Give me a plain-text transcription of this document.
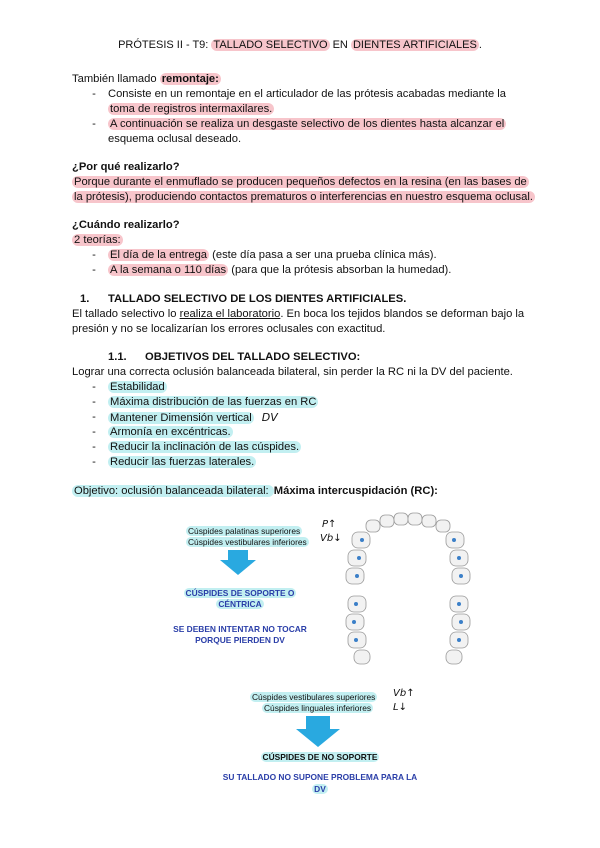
PRÓTESIS II - T9: TALLADO SELECTIVO EN DIENTES ARTIFICIALES .
También llamado remontaje:
-	Consiste en un remontaje en el articulador de las prótesis acabadas mediante la
toma de registros intermaxilares.
-	A continuación se realiza un desgaste selectivo de los dientes hasta alcanzar el
esquema oclusal deseado.
¿Por qué realizarlo?
Porque durante el enmuflado se producen pequeños defectos en la resina (en las bases de
la prótesis), produciendo contactos prematuros o interferencias en nuestro esquema oclusal.
¿Cuándo realizarlo?
2 teorías:
-	El día de la entrega (este día pasa a ser una prueba clínica más).
-	A la semana o 110 días (para que la prótesis absorban la humedad).
1. TALLADO SELECTIVO DE LOS DIENTES ARTIFICIALES.
El tallado selectivo lo realiza el laboratorio. En boca los tejidos blandos se deforman bajo la
presión y no se localizarían los errores oclusales con exactitud.
1.1. OBJETIVOS DEL TALLADO SELECTIVO:
Lograr una correcta oclusión balanceada bilateral, sin perder la RC ni la DV del paciente.
-	Estabilidad
-	Máxima distribución de las fuerzas en RC
-	Mantener Dimensión vertical DV
-	Armonía en excéntricas.
-	Reducir la inclinación de las cúspides.
-	Reducir las fuerzas laterales.
Objetivo: oclusión balanceada bilateral: Máxima intercuspidación (RC):
Cúspides palatinas superiores
Cúspides vestibulares inferiores
P↑
Vb↓
CÚSPIDES DE SOPORTE O
CÉNTRICA
SE DEBEN INTENTAR NO TOCAR
PORQUE PIERDEN DV
Cúspides vestibulares superiores
Cúspides linguales inferiores
Vb↑
L↓
CÚSPIDES DE NO SOPORTE
SU TALLADO NO SUPONE PROBLEMA PARA LA
DV
